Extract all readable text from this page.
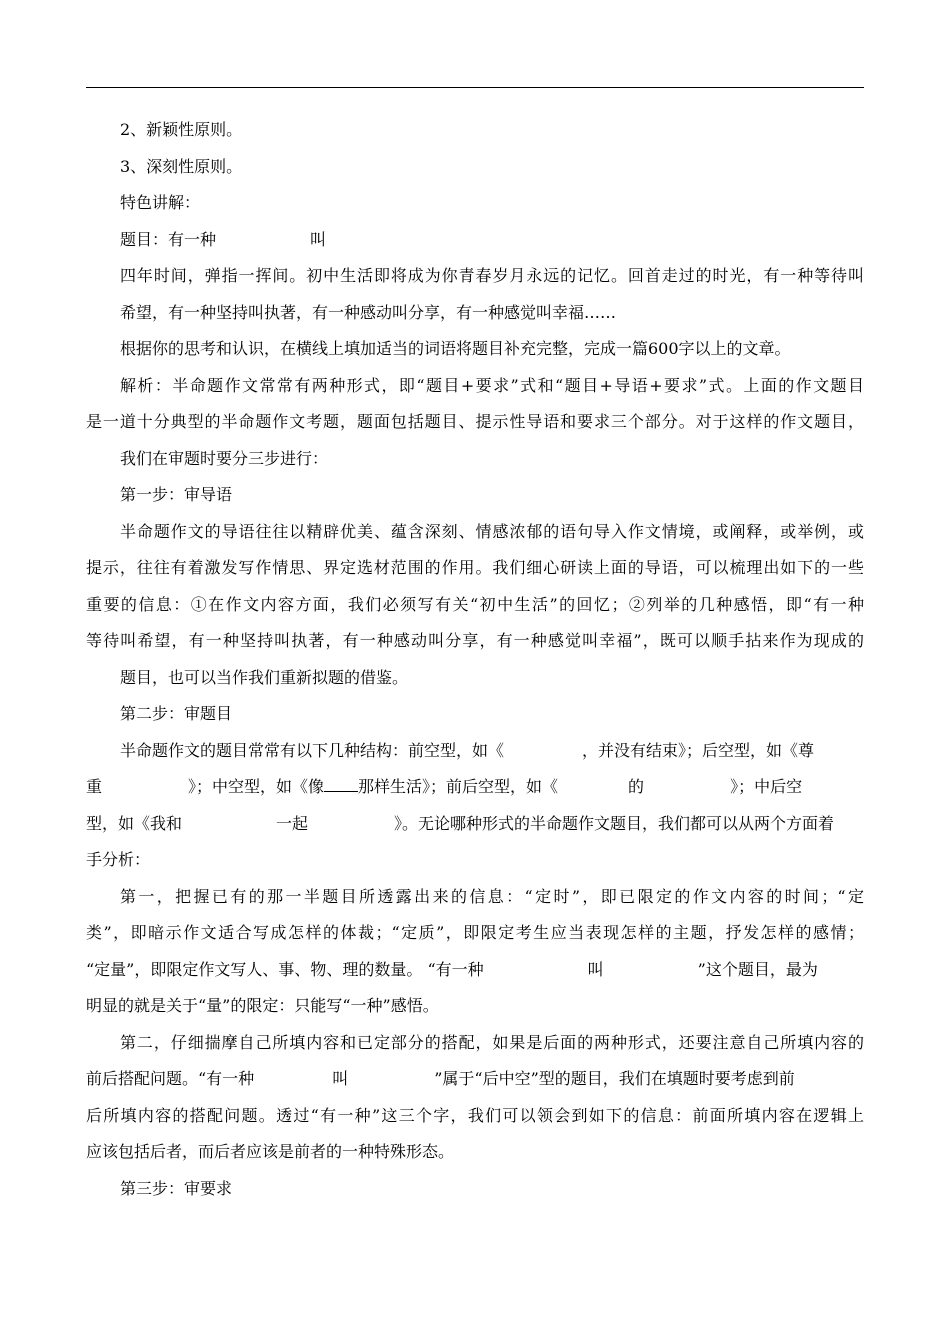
2、新颖性原则。

3、深刻性原则。

特色讲解：

题目：有一种	叫

四年时间，弹指一挥间。初中生活即将成为你青春岁月永远的记忆。回首走过的时光，有一种等待叫
希望，有一种坚持叫执著，有一种感动叫分享，有一种感觉叫幸福……

根据你的思考和认识，在横线上填加适当的词语将题目补充完整，完成一篇600字以上的文章。

解析：半命题作文常常有两种形式，即“题目+要求”式和“题目+导语+要求”式。上面的作文题目
是一道十分典型的半命题作文考题，题面包括题目、提示性导语和要求三个部分。对于这样的作文题目，
我们在审题时要分三步进行：

第一步：审导语

半命题作文的导语往往以精辟优美、蕴含深刻、情感浓郁的语句导入作文情境，或阐释，或举例，或
提示，往往有着激发写作情思、界定选材范围的作用。我们细心研读上面的导语，可以梳理出如下的一些
重要的信息：①在作文内容方面，我们必须写有关“初中生活”的回忆；②列举的几种感悟，即“有一种
等待叫希望，有一种坚持叫执著，有一种感动叫分享，有一种感觉叫幸福”，既可以顺手拈来作为现成的
题目，也可以当作我们重新拟题的借鉴。

第二步：审题目

半命题作文的题目常常有以下几种结构：前空型，如《	，并没有结束》；后空型，如《尊
重	》；中空型，如《像 那样生活》；前后空型，如《	的	》；中后空
型，如《我和	一起	》。无论哪种形式的半命题作文题目，我们都可以从两个方面着
手分析：

第一，把握已有的那一半题目所透露出来的信息：“定时”，即已限定的作文内容的时间；“定
类”，即暗示作文适合写成怎样的体裁；“定质”，即限定考生应当表现怎样的主题，抒发怎样的感情；
“定量”，即限定作文写人、事、物、理的数量。 “有一种	叫	”这个题目，最为
明显的就是关于“量”的限定：只能写“一种”感悟。

第二，仔细揣摩自己所填内容和已定部分的搭配，如果是后面的两种形式，还要注意自己所填内容的
前后搭配问题。“有一种	叫	”属于“后中空”型的题目，我们在填题时要考虑到前
后所填内容的搭配问题。透过“有一种”这三个字，我们可以领会到如下的信息：前面所填内容在逻辑上
应该包括后者，而后者应该是前者的一种特殊形态。

第三步：审要求
